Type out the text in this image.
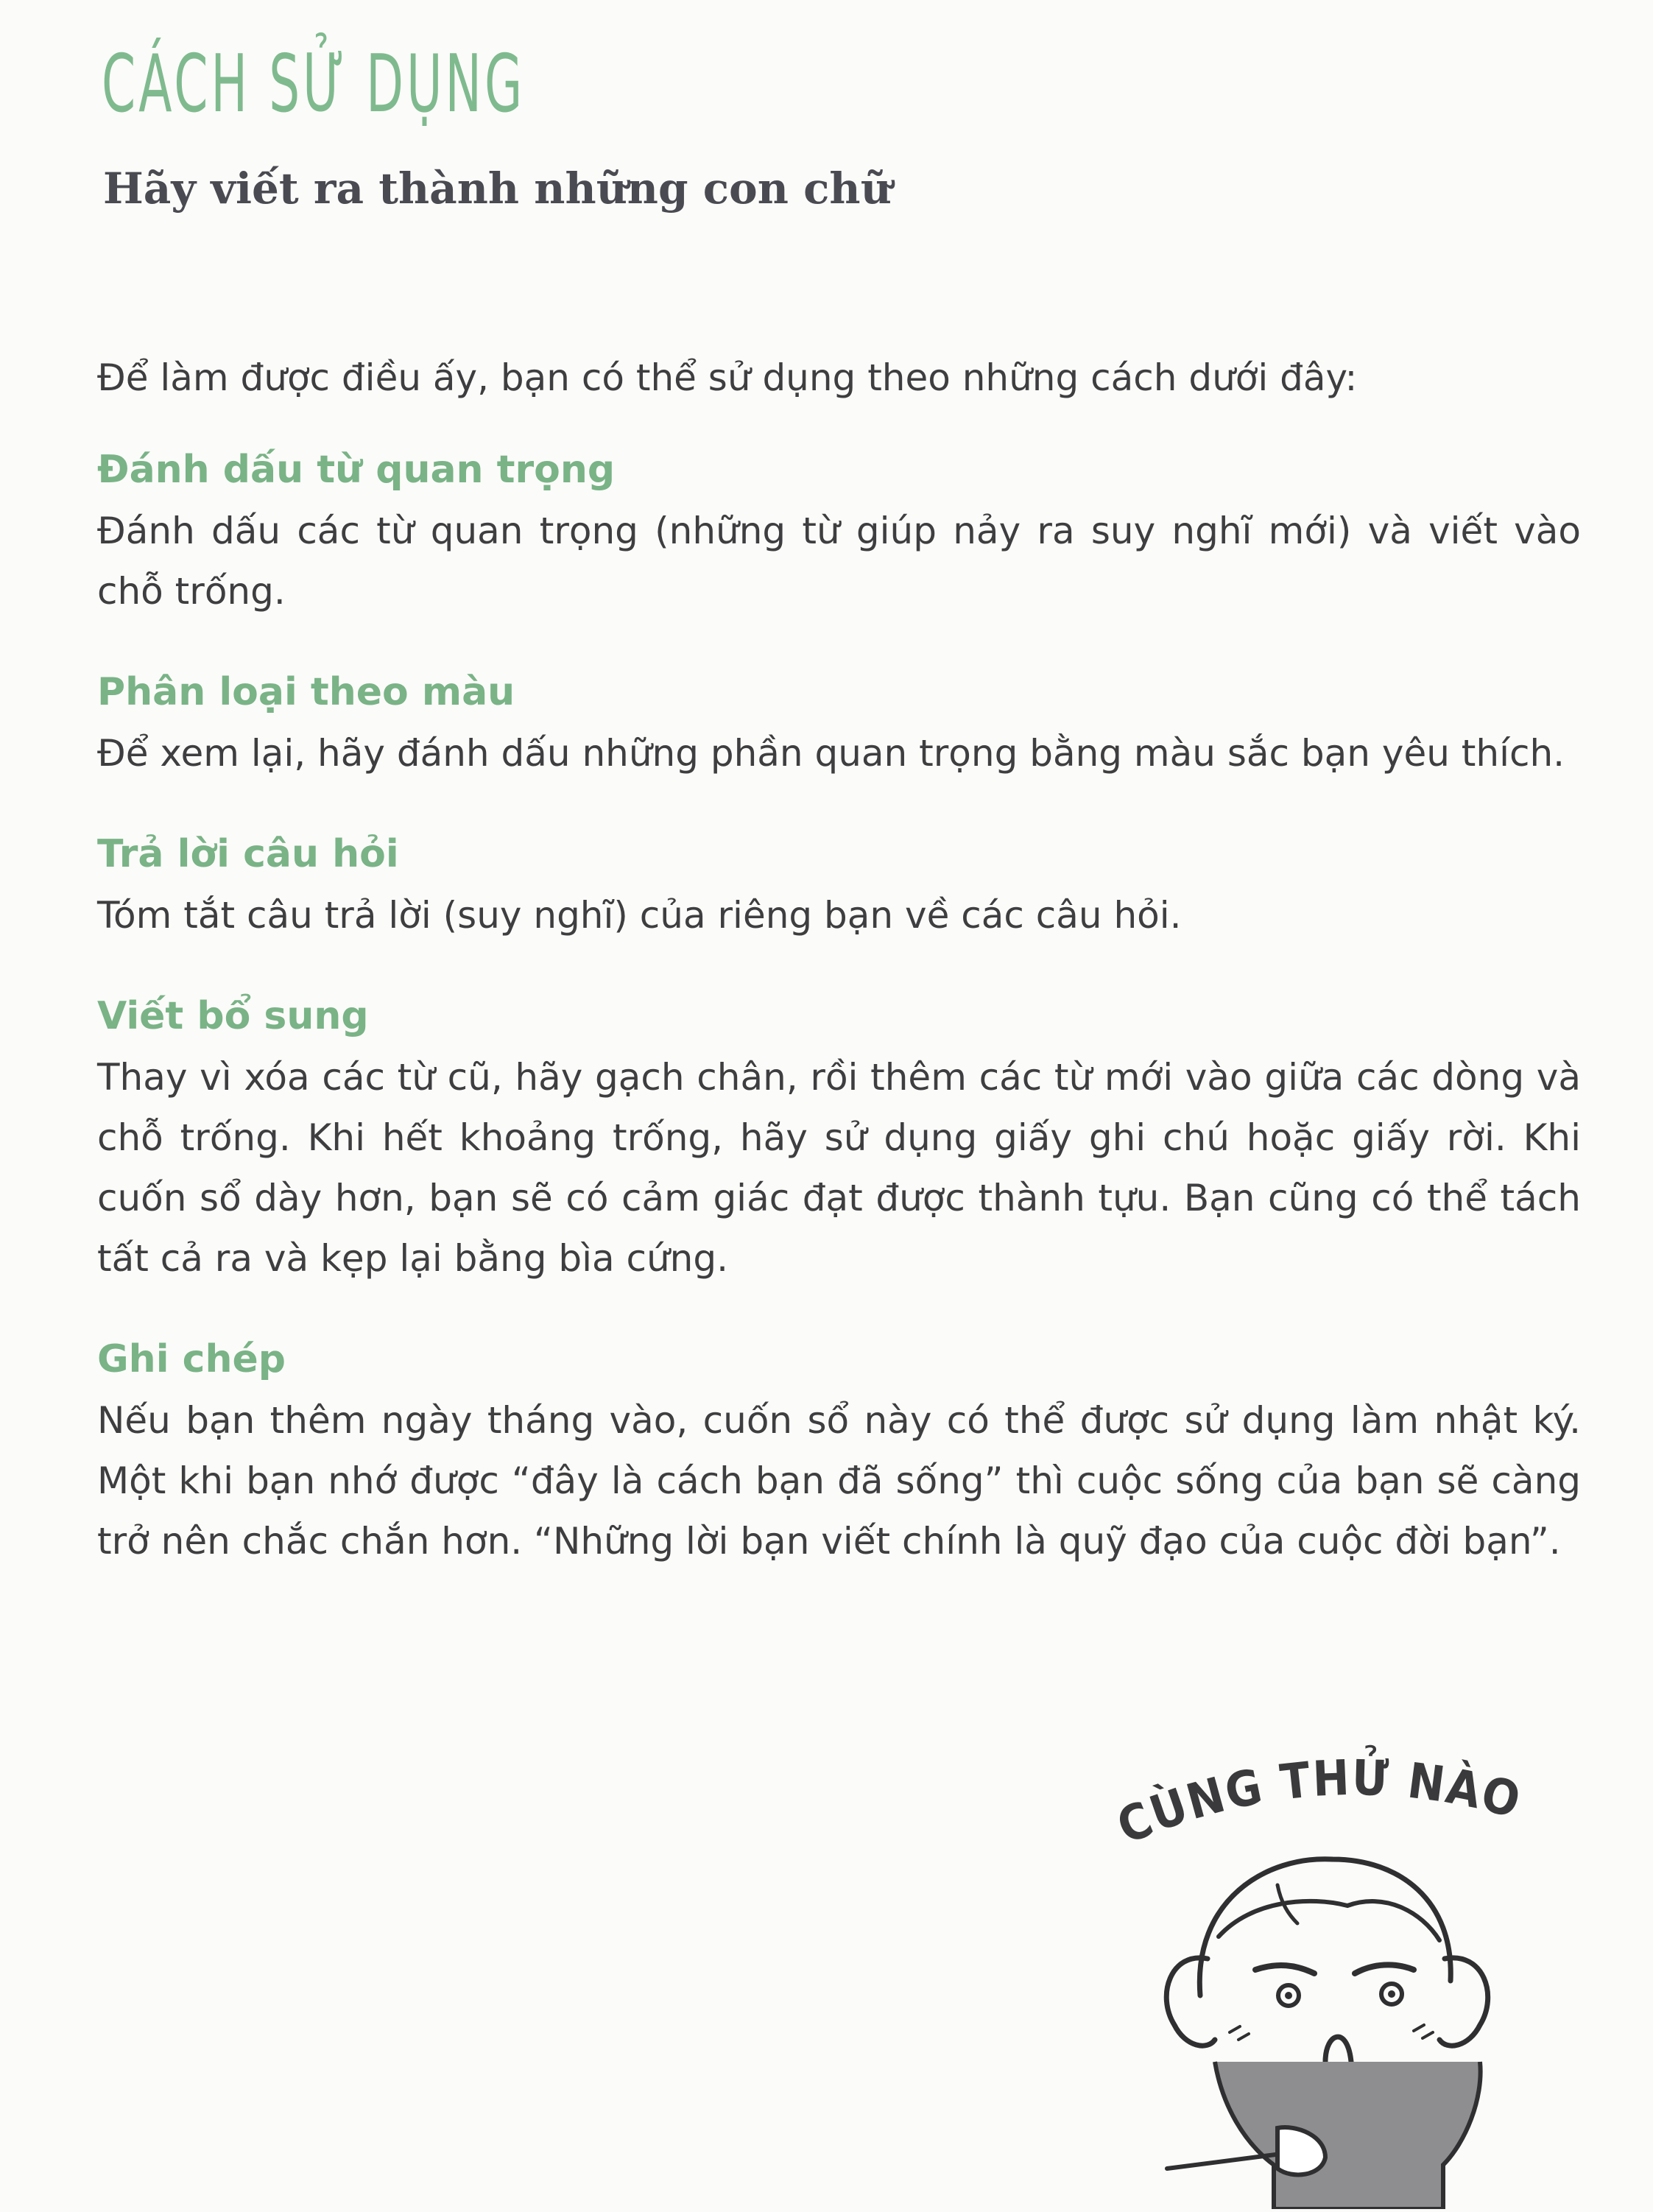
CÁCH SỬ DỤNG
Hãy viết ra thành những con chữ

Để làm được điều ấy, bạn có thể sử dụng theo những cách dưới đây:

Đánh dấu từ quan trọng

Đánh dấu các từ quan trọng (những từ giúp nảy ra suy nghĩ mới) và viết vào chỗ trống.

Phân loại theo màu

Để xem lại, hãy đánh dấu những phần quan trọng bằng màu sắc bạn yêu thích.

Trả lời câu hỏi

Tóm tắt câu trả lời (suy nghĩ) của riêng bạn về các câu hỏi.

Viết bổ sung

Thay vì xóa các từ cũ, hãy gạch chân, rồi thêm các từ mới vào giữa các dòng và chỗ trống. Khi hết khoảng trống, hãy sử dụng giấy ghi chú hoặc giấy rời. Khi cuốn sổ dày hơn, bạn sẽ có cảm giác đạt được thành tựu. Bạn cũng có thể tách tất cả ra và kẹp lại bằng bìa cứng.

Ghi chép

Nếu bạn thêm ngày tháng vào, cuốn sổ này có thể được sử dụng làm nhật ký. Một khi bạn nhớ được “đây là cách bạn đã sống” thì cuộc sống của bạn sẽ càng trở nên chắc chắn hơn. “Những lời bạn viết chính là quỹ đạo của cuộc đời bạn”.

CÙNG THỬ NÀO
